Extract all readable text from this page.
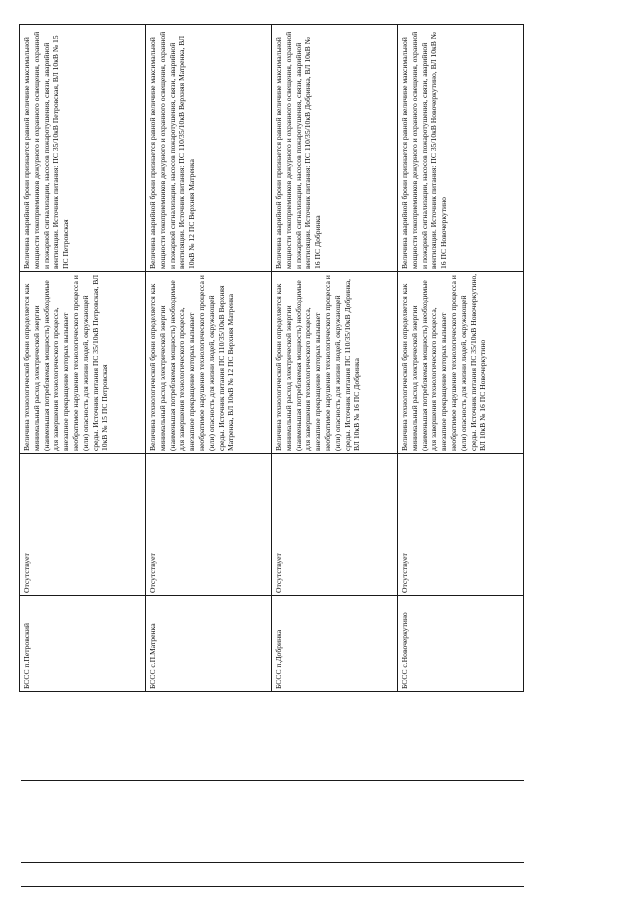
Величина аварийной брони признается равной величине максимальной мощности токоприемников дежурного и охранного освещения, охранной и пожарной сигнализации, насосов пожаротушения, связи, аварийной вентиляции. Источник питания: ПС 35/10кВ Петровская, ВЛ 10кВ № 15 ПС Петровская
Величина технологической брони определяется как минимальный расход электрической энергии (наименьшая потребляемая мощность) необходимые для завершения технологического процесса, внезапное прекращение которых вызывает необратимое нарушение технологического процесса и (или) опасность для жизни людей, окружающей среды. Источник питания ПС 35/10кВ Петровская, ВЛ 10кВ № 15 ПС Петровская
Отсутствует
БССС п.Петровский
Величина аварийной брони признается равной величине максимальной мощности токоприемников дежурного и охранного освещения, охранной и пожарной сигнализации, насосов пожаротушения, связи, аварийной вентиляции. Источник питания: ПС 110/35/10кВ Верхняя Матренка, ВЛ 10кВ № 12 ПС Верхняя Матренка
Величина технологической брони определяется как минимальный расход электрической энергии (наименьшая потребляемая мощность) необходимые для завершения технологического процесса, внезапное прекращение которых вызывает необратимое нарушение технологического процесса и (или) опасность для жизни людей, окружающей среды. Источник питания ПС 110/35/10кВ Верхняя Матренка, ВЛ 10кВ № 12 ПС Верхняя Матренка
Отсутствует
БССС с.П.Матренка
Величина аварийной брони признается равной величине максимальной мощности токоприемников дежурного и охранного освещения, охранной и пожарной сигнализации, насосов пожаротушения, связи, аварийной вентиляции. Источник питания: ПС 110/35/10кВ Добринка, ВЛ 10кВ № 16 ПС Добринка
Величина технологической брони определяется как минимальный расход электрической энергии (наименьшая потребляемая мощность) необходимые для завершения технологического процесса, внезапное прекращение которых вызывает необратимое нарушение технологического процесса и (или) опасность для жизни людей, окружающей среды. Источник питания ПС 110/35/10кВ Добринка, ВЛ 10кВ № 16 ПС Добринка
Отсутствует
БССС п.Добринка
Величина аварийной брони признается равной величине максимальной мощности токоприемников дежурного и охранного освещения, охранной и пожарной сигнализации, насосов пожаротушения, связи, аварийной вентиляции. Источник питания: ПС 35/10кВ Новочеркутино, ВЛ 10кВ № 16 ПС Новочеркутино
Величина технологической брони определяется как минимальный расход электрической энергии (наименьшая потребляемая мощность) необходимые для завершения технологического процесса, внезапное прекращение которых вызывает необратимое нарушение технологического процесса и (или) опасность для жизни людей, окружающей среды. Источник питания ПС 35/10кВ Новочеркутино, ВЛ 10кВ № 16 ПС Новочеркутино
Отсутствует
БССС с.Новочеркутино
